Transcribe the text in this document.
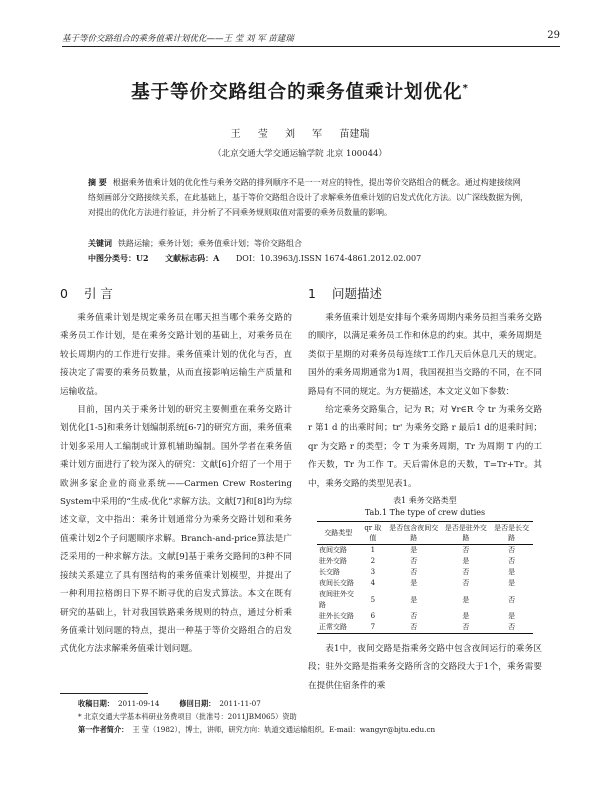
基于等价交路组合的乘务值乘计划优化——王 莹 刘 军 苗建瑞	29
基于等价交路组合的乘务值乘计划优化*
王 莹 刘 军 苗建瑞
（北京交通大学交通运输学院 北京 100044）
摘 要 根据乘务值乘计划的优化性与乘务交路的排列顺序不是一一对应的特性，提出等价交路组合的概念。通过构建接续网络刻画部分交路接续关系，在此基础上，基于等价交路组合设计了求解乘务值乘计划的启发式优化方法。以广深线数据为例，对提出的优化方法进行验证，并分析了不同乘务规则取值对需要的乘务员数量的影响。
关键词 铁路运输；乘务计划；乘务值乘计划；等价交路组合
中图分类号：U2 文献标志码：A DOI：10.3963/j.ISSN 1674-4861.2012.02.007
0 引 言

乘务值乘计划是规定乘务员在哪天担当哪个乘务交路的乘务员工作计划，是在乘务交路计划的基础上，对乘务员在较长周期内的工作进行安排。乘务值乘计划的优化与否，直接决定了需要的乘务员数量，从而直接影响运输生产质量和运输收益。

目前，国内关于乘务计划的研究主要侧重在乘务交路计划优化[1-5]和乘务计划编制系统[6-7]的研究方面，乘务值乘计划多采用人工编制或计算机辅助编制。国外学者在乘务值乘计划方面进行了较为深入的研究：文献[6]介绍了一个用于欧洲多家企业的商业系统——Carmen Crew Rostering System中采用的“生成-优化”求解方法。文献[7]和[8]均为综述文章，文中指出：乘务计划通常分为乘务交路计划和乘务值乘计划2个子问题顺序求解。Branch-and-price算法是广泛采用的一种求解方法。文献[9]基于乘务交路间的3种不同接续关系建立了具有图结构的乘务值乘计划模型，并提出了一种利用拉格朗日下界不断寻优的启发式算法。本文在既有研究的基础上，针对我国铁路乘务规则的特点，通过分析乘务值乘计划问题的特点，提出一种基于等价交路组合的启发式优化方法求解乘务值乘计划问题。

1 问题描述

乘务值乘计划是安排每个乘务周期内乘务员担当乘务交路的顺序，以满足乘务员工作和休息的约束。其中，乘务周期是类似于星期的对乘务员每连续T工作几天后休息几天的规定。国外的乘务周期通常为1周，我国视担当交路的不同，在不同路局有不同的规定。为方便描述，本文定义如下参数：

给定乘务交路集合，记为 R；对 ∀r∈R 令 tr 为乘务交路 r 第1 d 的出乘时间；tr' 为乘务交路 r 最后1 d的退乘时间；qr 为交路 r 的类型；令 T 为乘务周期，Tr 为周期 T 内的工作天数，Tr 为工作 T。天后需休息的天数，T=Tr+Tr。其中，乘务交路的类型见表1。

表1 乘务交路类型
Tab.1 The type of crew duties
交路类型	qr 取值	是否包含夜间交路	是否是驻外交路	是否是长交路
夜间交路	1	是	否	否
驻外交路	2	否	是	否
长交路	3	否	否	是
夜间长交路	4	是	否	是
夜间驻外交路	5	是	是	否
驻外长交路	6	否	是	是
正常交路	7	否	否	否

表1中，夜间交路是指乘务交路中包含夜间运行的乘务区段；驻外交路是指乘务交路所含的交路段大于1个，乘务需要在提供住宿条件的乘

收稿日期： 2011-09-14	修回日期： 2011-11-07
* 北京交通大学基本科研业务费项目（批准号：2011JBM065）资助
第一作者简介： 王 莹（1982），博士，讲师，研究方向：轨道交通运输组织。E-mail：wangyr@bjtu.edu.cn
